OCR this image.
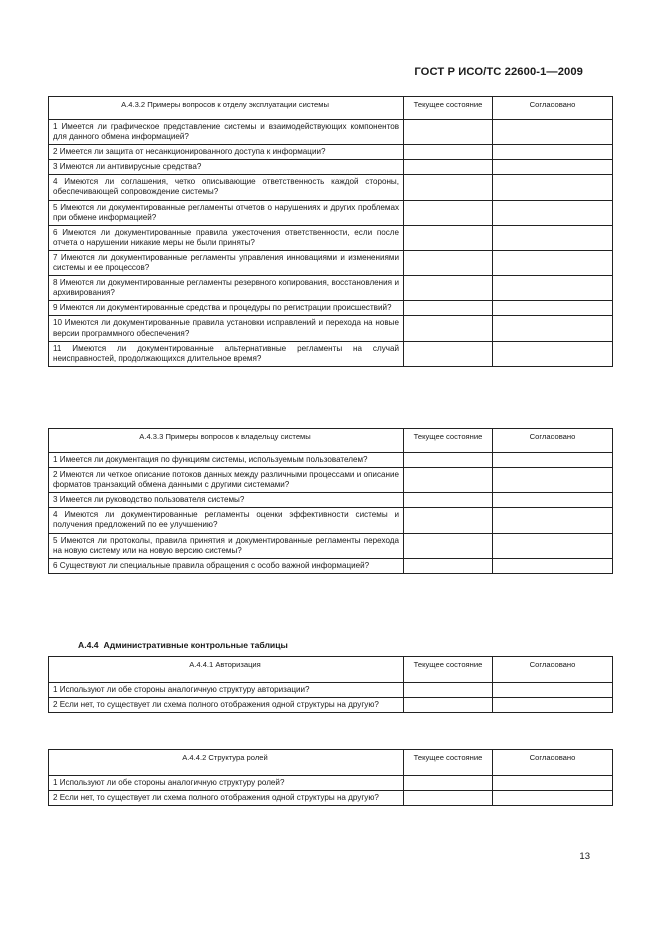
ГОСТ Р ИСО/ТС 22600-1—2009
А.4.3.2 Примеры вопросов к отделу эксплуатации системы	Текущее состояние	Согласовано
1 Имеется ли графическое представление системы и взаимодействующих компонентов для данного обмена информацией?		
2 Имеется ли защита от несанкционированного доступа к информации?		
3 Имеются ли антивирусные средства?		
4 Имеются ли соглашения, четко описывающие ответственность каждой стороны, обеспечивающей сопровождение системы?		
5 Имеются ли документированные регламенты отчетов о нарушениях и других проблемах при обмене информацией?		
6 Имеются ли документированные правила ужесточения ответственности, если после отчета о нарушении никакие меры не были приняты?		
7 Имеются ли документированные регламенты управления инновациями и изменениями системы и ее процессов?		
8 Имеются ли документированные регламенты резервного копирования, восстановления и архивирования?		
9 Имеются ли документированные средства и процедуры по регистрации происшествий?		
10 Имеются ли документированные правила установки исправлений и перехода на новые версии программного обеспечения?		
11 Имеются ли документированные альтернативные регламенты на случай неисправностей, продолжающихся длительное время?		
А.4.3.3 Примеры вопросов к владельцу системы	Текущее состояние	Согласовано
1 Имеется ли документация по функциям системы, используемым пользователем?		
2 Имеются ли четкое описание потоков данных между различными процессами и описание форматов транзакций обмена данными с другими системами?		
3 Имеется ли руководство пользователя системы?		
4 Имеются ли документированные регламенты оценки эффективности системы и получения предложений по ее улучшению?		
5 Имеются ли протоколы, правила принятия и документированные регламенты перехода на новую систему или на новую версию системы?		
6 Существуют ли специальные правила обращения с особо важной информацией?		
А.4.4 Административные контрольные таблицы
А.4.4.1 Авторизация	Текущее состояние	Согласовано
1 Используют ли обе стороны аналогичную структуру авторизации?		
2 Если нет, то существует ли схема полного отображения одной структуры на другую?		
А.4.4.2 Структура ролей	Текущее состояние	Согласовано
1 Используют ли обе стороны аналогичную структуру ролей?		
2 Если нет, то существует ли схема полного отображения одной структуры на другую?		
13
